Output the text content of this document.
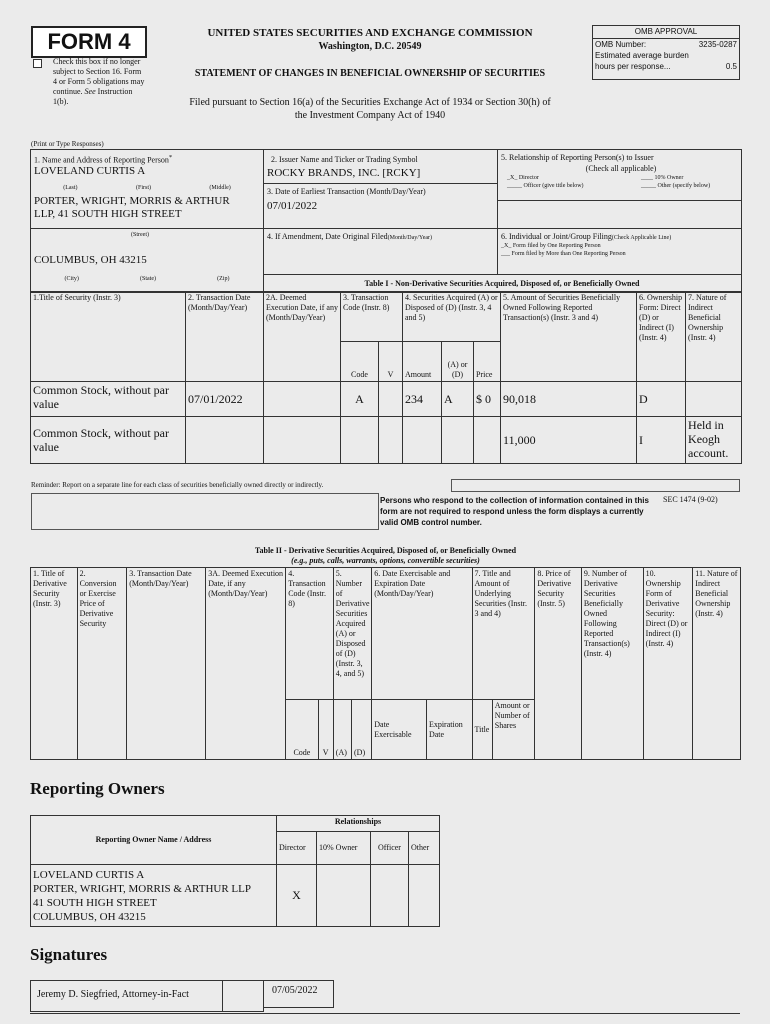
FORM 4
Check this box if no longer subject to Section 16. Form 4 or Form 5 obligations may continue. See Instruction 1(b).
UNITED STATES SECURITIES AND EXCHANGE COMMISSION
Washington, D.C. 20549
STATEMENT OF CHANGES IN BENEFICIAL OWNERSHIP OF SECURITIES
Filed pursuant to Section 16(a) of the Securities Exchange Act of 1934 or Section 30(h) of
the Investment Company Act of 1940
OMB APPROVAL
OMB Number:	3235-0287
Estimated average burden
hours per response...	0.5
(Print or Type Responses)
1. Name and Address of Reporting Person*
LOVELAND CURTIS A
(Last)	(First)	(Middle)
PORTER, WRIGHT, MORRIS & ARTHUR
LLP, 41 SOUTH HIGH STREET
(Street)
COLUMBUS, OH 43215
(City)	(State)	(Zip)
2. Issuer Name and Ticker or Trading Symbol
ROCKY BRANDS, INC. [RCKY]
3. Date of Earliest Transaction (Month/Day/Year)
07/01/2022
4. If Amendment, Date Original Filed(Month/Day/Year)
5. Relationship of Reporting Person(s) to Issuer
(Check all applicable)
_X_ Director	____ 10% Owner
_____ Officer (give title below)	_____ Other (specify below)
6. Individual or Joint/Group Filing(Check Applicable Line)
_X_ Form filed by One Reporting Person
___ Form filed by More than One Reporting Person
Table I - Non-Derivative Securities Acquired, Disposed of, or Beneficially Owned
1.Title of Security (Instr. 3)	2. Transaction Date (Month/Day/Year)	2A. Deemed Execution Date, if any (Month/Day/Year)	3. Transaction Code (Instr. 8)		4. Securities Acquired (A) or Disposed of (D) (Instr. 3, 4 and 5)			5. Amount of Securities Beneficially Owned Following Reported Transaction(s) (Instr. 3 and 4)	6. Ownership Form: Direct (D) or Indirect (I) (Instr. 4)	7. Nature of Indirect Beneficial Ownership (Instr. 4)
			Code	V	Amount	(A) or (D)	Price			
Common Stock, without par value	07/01/2022		A		234	A	$ 0	90,018	D	
Common Stock, without par value								11,000	I	Held in Keogh account.
Reminder: Report on a separate line for each class of securities beneficially owned directly or indirectly.
Persons who respond to the collection of information contained in this form are not required to respond unless the form displays a currently valid OMB control number.
SEC 1474 (9-02)
Table II - Derivative Securities Acquired, Disposed of, or Beneficially Owned
(e.g., puts, calls, warrants, options, convertible securities)
1. Title of Derivative Security (Instr. 3)	2. Conversion or Exercise Price of Derivative Security	3. Transaction Date (Month/Day/Year)	3A. Deemed Execution Date, if any (Month/Day/Year)	4. Transaction Code (Instr. 8)		5. Number of Derivative Securities Acquired (A) or Disposed of (D) (Instr. 3, 4, and 5)		6. Date Exercisable and Expiration Date (Month/Day/Year)		7. Title and Amount of Underlying Securities (Instr. 3 and 4)		8. Price of Derivative Security (Instr. 5)	9. Number of Derivative Securities Beneficially Owned Following Reported Transaction(s) (Instr. 4)	10. Ownership Form of Derivative Security: Direct (D) or Indirect (I) (Instr. 4)	11. Nature of Indirect Beneficial Ownership (Instr. 4)
				Code	V	(A)	(D)	Date Exercisable	Expiration Date	Title	Amount or Number of Shares				
Reporting Owners
Reporting Owner Name / Address	Relationships			
	Director	10% Owner	Officer	Other

LOVELAND CURTIS A
PORTER, WRIGHT, MORRIS & ARTHUR LLP
41 SOUTH HIGH STREET
COLUMBUS, OH 43215	X			
Signatures
Jeremy D. Siegfried, Attorney-in-Fact	07/05/2022
